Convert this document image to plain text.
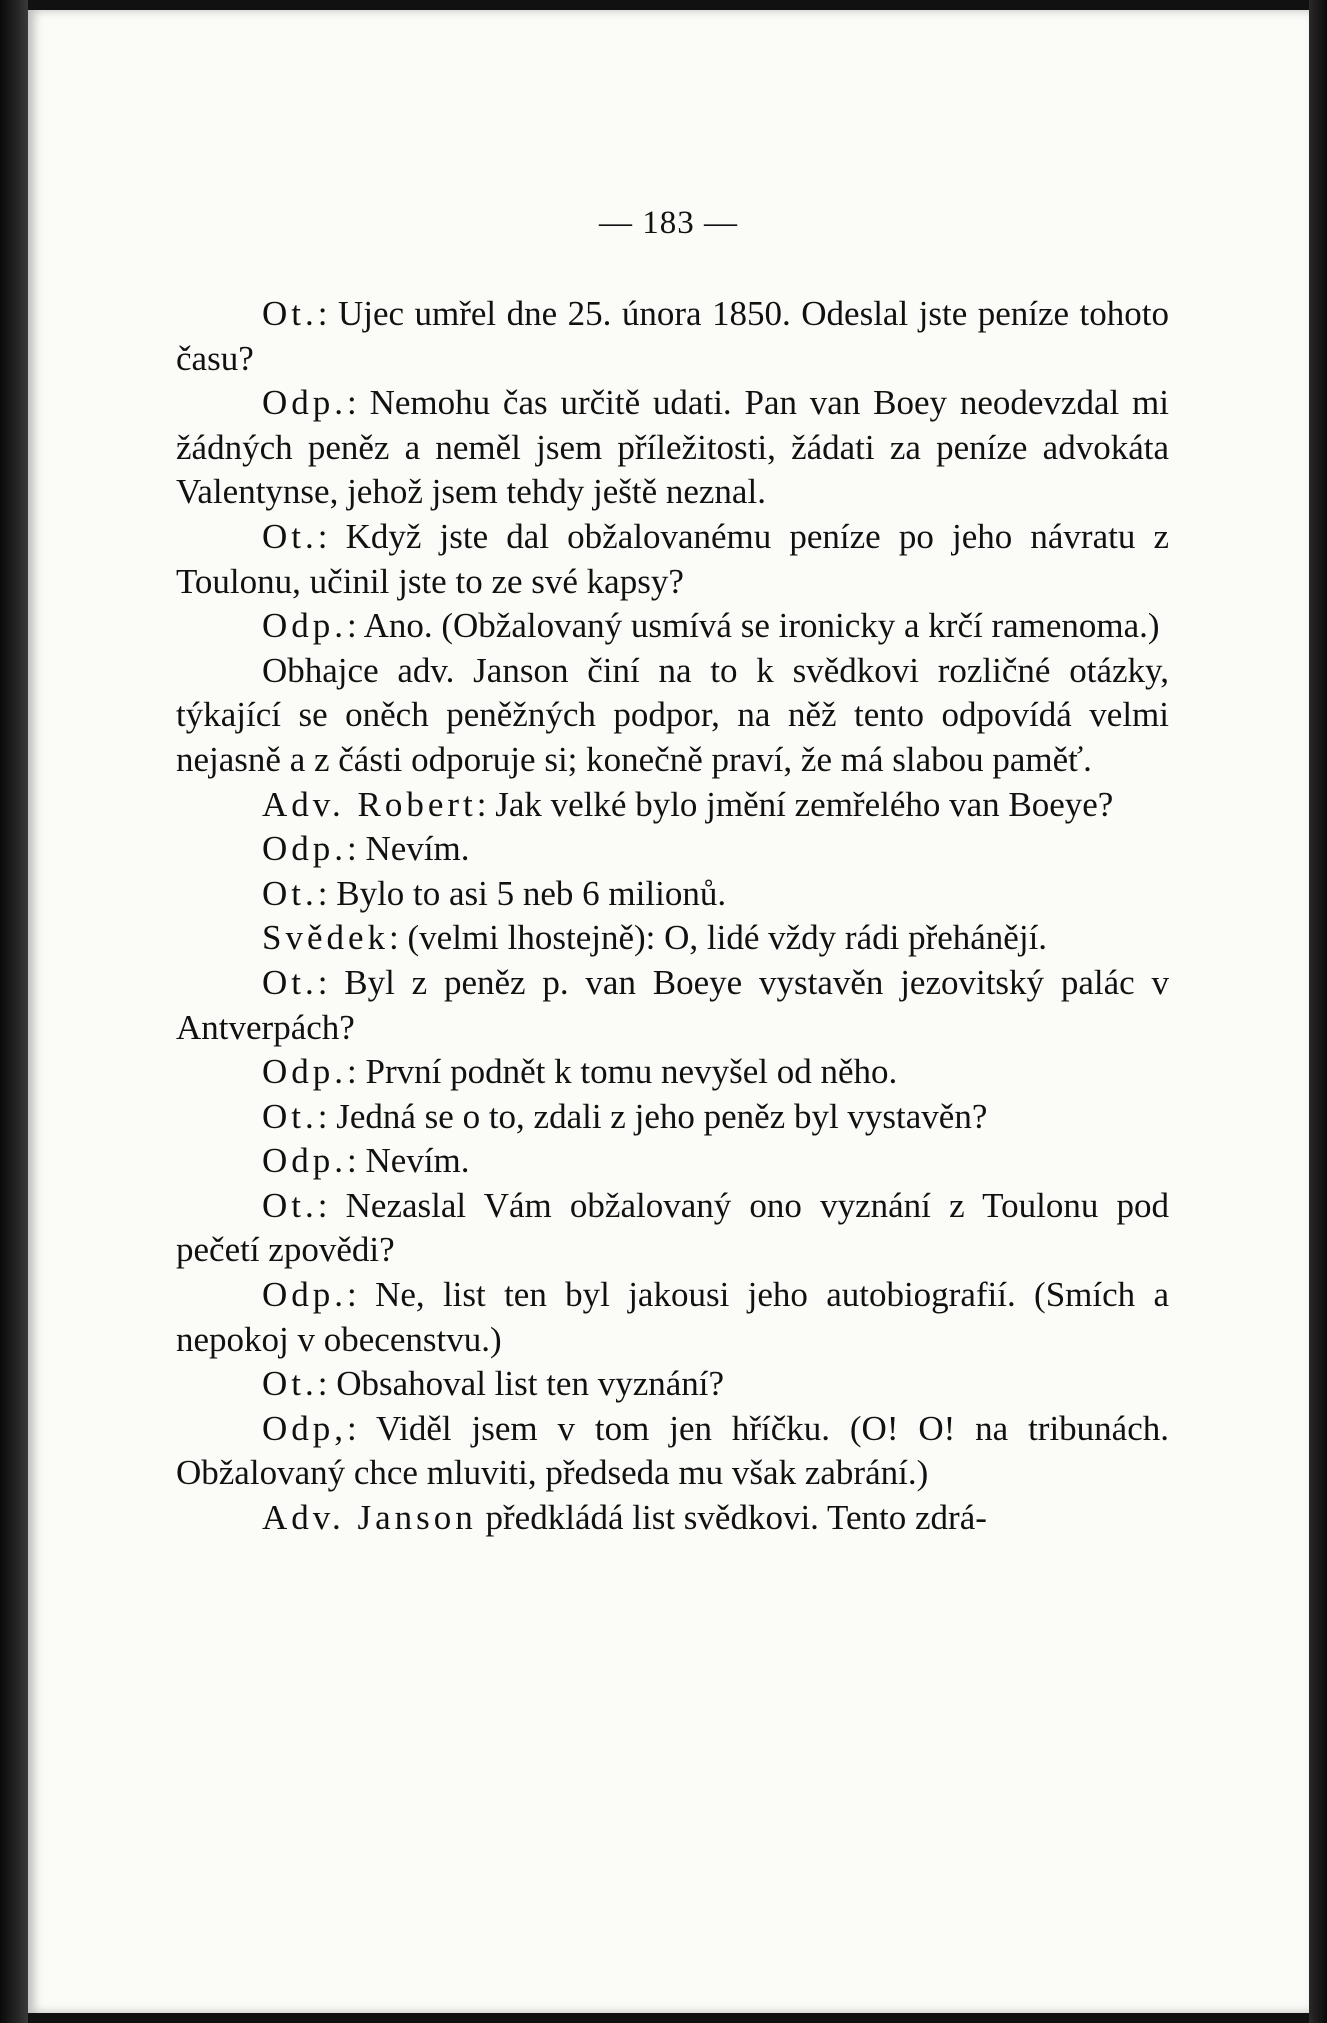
— 183 —

Ot.: Ujec umřel dne 25. února 1850. Odeslal jste peníze tohoto času?

Odp.: Nemohu čas určitě udati. Pan van Boey neodevzdal mi žádných peněz a neměl jsem příležitosti, žádati za peníze advokáta Valentynse, jehož jsem tehdy ještě neznal.

Ot.: Když jste dal obžalovanému peníze po jeho návratu z Toulonu, učinil jste to ze své kapsy?

Odp.: Ano. (Obžalovaný usmívá se ironicky a krčí ramenoma.)

Obhajce adv. Janson činí na to k svědkovi rozličné otázky, týkající se oněch peněžných podpor, na něž tento odpovídá velmi nejasně a z části odporuje si; konečně praví, že má slabou paměť.

Adv. Robert: Jak velké bylo jmění zemřelého van Boeye?

Odp.: Nevím.

Ot.: Bylo to asi 5 neb 6 milionů.

Svědek: (velmi lhostejně): O, lidé vždy rádi přehánějí.

Ot.: Byl z peněz p. van Boeye vystavěn jezovitský palác v Antverpách?

Odp.: První podnět k tomu nevyšel od něho.

Ot.: Jedná se o to, zdali z jeho peněz byl vystavěn?

Odp.: Nevím.

Ot.: Nezaslal Vám obžalovaný ono vyznání z Toulonu pod pečetí zpovědi?

Odp.: Ne, list ten byl jakousi jeho autobiografií. (Smích a nepokoj v obecenstvu.)

Ot.: Obsahoval list ten vyznání?

Odp,: Viděl jsem v tom jen hříčku. (O! O! na tribunách. Obžalovaný chce mluviti, předseda mu však zabrání.)

Adv. Janson předkládá list svědkovi. Tento zdrá-
